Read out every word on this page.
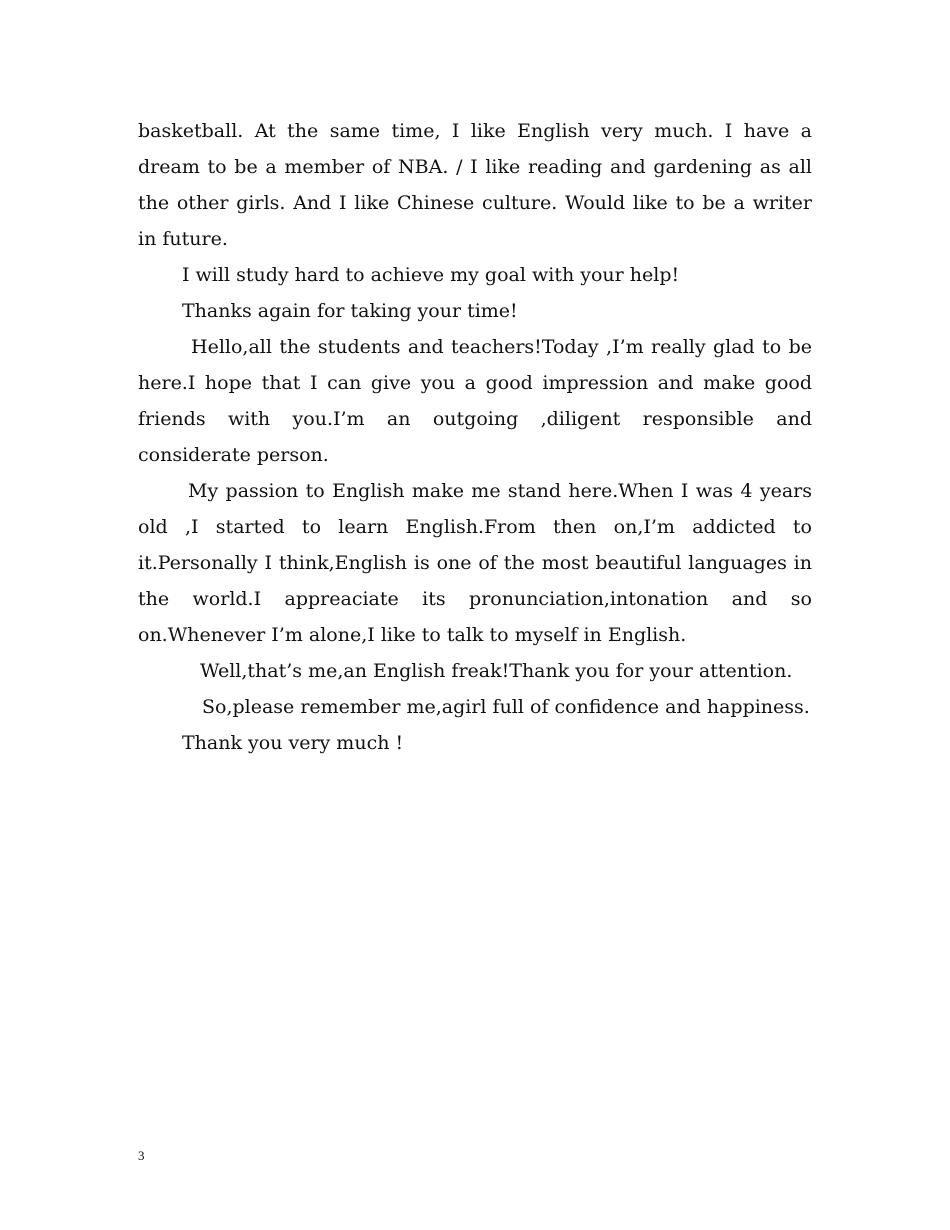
basketball. At the same time, I like English very much. I have a dream to be a member of NBA. / I like reading and gardening as all the other girls. And I like Chinese culture. Would like to be a writer in future.

I will study hard to achieve my goal with your help!

Thanks again for taking your time!

Hello,all the students and teachers!Today ,I’m really glad to be here.I hope that I can give you a good impression and make good friends with you.I’m an outgoing ,diligent responsible and considerate person.

My passion to English make me stand here.When I was 4 years old ,I started to learn English.From then on,I’m addicted to it.Personally I think,English is one of the most beautiful languages in the world.I appreaciate its pronunciation,intonation and so on.Whenever I’m alone,I like to talk to myself in English.

Well,that’s me,an English freak!Thank you for your attention.

So,please remember me,agirl full of confidence and happiness.

Thank you very much !

3
